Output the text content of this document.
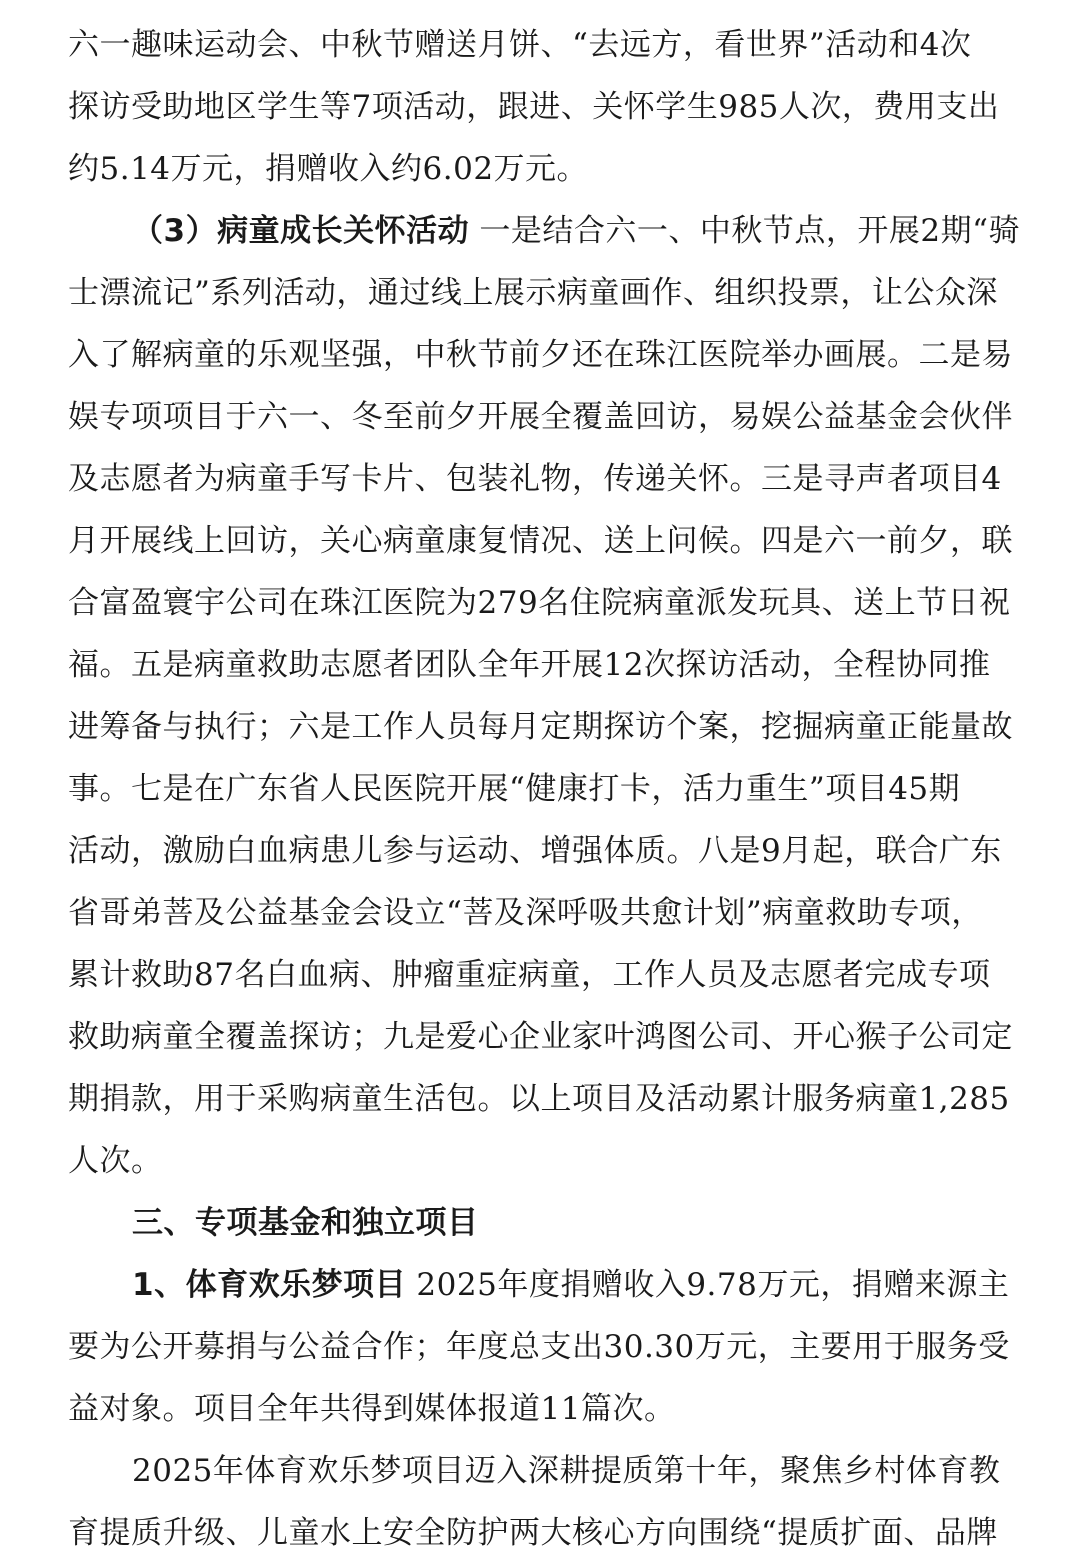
六一趣味运动会、中秋节赠送月饼、“去远方，看世界”活动和4次
探访受助地区学生等7项活动，跟进、关怀学生985人次，费用支出
约5.14万元，捐赠收入约6.02万元。
（3）病童成长关怀活动 一是结合六一、中秋节点，开展2期“骑
士漂流记”系列活动，通过线上展示病童画作、组织投票，让公众深
入了解病童的乐观坚强，中秋节前夕还在珠江医院举办画展。二是易
娱专项项目于六一、冬至前夕开展全覆盖回访，易娱公益基金会伙伴
及志愿者为病童手写卡片、包装礼物，传递关怀。三是寻声者项目4
月开展线上回访，关心病童康复情况、送上问候。四是六一前夕，联
合富盈寰宇公司在珠江医院为279名住院病童派发玩具、送上节日祝
福。五是病童救助志愿者团队全年开展12次探访活动，全程协同推
进筹备与执行；六是工作人员每月定期探访个案，挖掘病童正能量故
事。七是在广东省人民医院开展“健康打卡，活力重生”项目45期
活动，激励白血病患儿参与运动、增强体质。八是9月起，联合广东
省哥弟菩及公益基金会设立“菩及深呼吸共愈计划”病童救助专项，
累计救助87名白血病、肿瘤重症病童，工作人员及志愿者完成专项
救助病童全覆盖探访；九是爱心企业家叶鸿图公司、开心猴子公司定
期捐款，用于采购病童生活包。以上项目及活动累计服务病童1,285
人次。
三、专项基金和独立项目
1、体育欢乐梦项目 2025年度捐赠收入9.78万元，捐赠来源主
要为公开募捐与公益合作；年度总支出30.30万元，主要用于服务受
益对象。项目全年共得到媒体报道11篇次。
2025年体育欢乐梦项目迈入深耕提质第十年，聚焦乡村体育教
育提质升级、儿童水上安全防护两大核心方向围绕“提质扩面、品牌
